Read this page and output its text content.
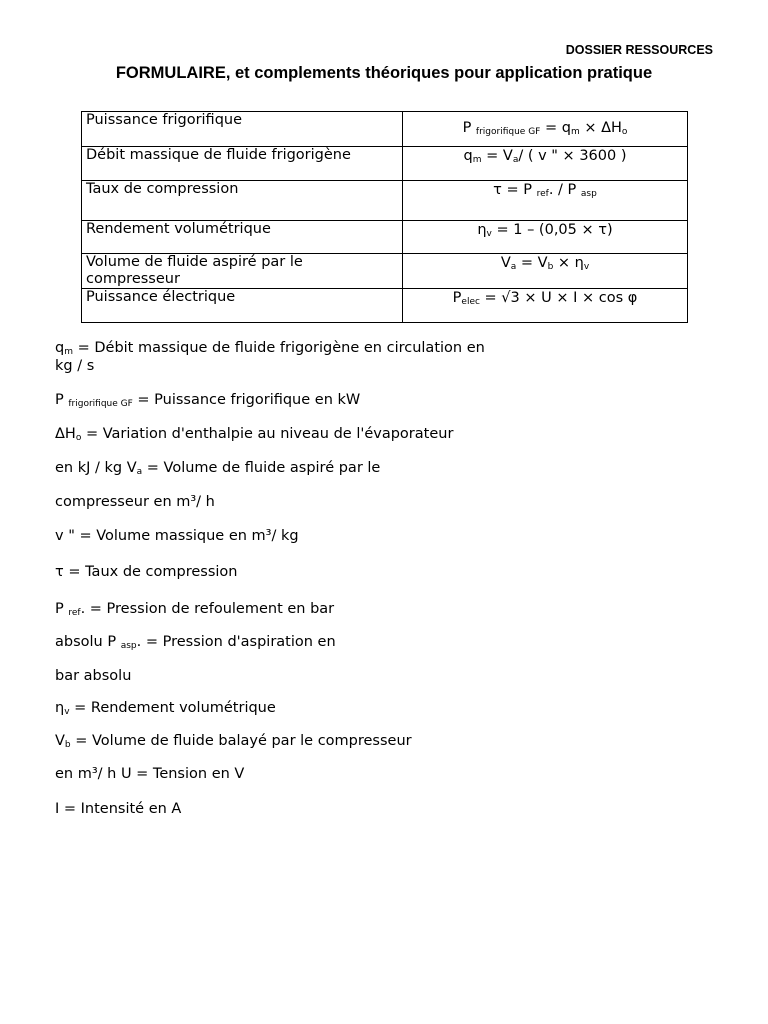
DOSSIER RESSOURCES
FORMULAIRE, et complements théoriques pour application pratique
Puissance frigorifique	P $_{frigorifique GF} = q_m \times \Delta H_o$
Débit massique de fluide frigorigène	$q_m = V_a/$ ( v " × 3600 )
Taux de compression	τ = P $_{ref}$. / P $_{asp}$
Rendement volumétrique	$\eta_v = 1 - (0,05 \times \tau)$
Volume de fluide aspiré par le compresseur	$V_a = V_b \times \eta_v$
Puissance électrique	$P_{elec} = √3 \times U \times I \times \cos \varphi$
$q_m$ = Débit massique de fluide frigorigène en circulation en
kg / s
P $_{frigorifique GF}$ = Puissance frigorifique en kW
$\Delta H_o$ = Variation d'enthalpie au niveau de l'évaporateur
en kJ / kg $V_a$ = Volume de fluide aspiré par le
compresseur en m³/ h
v " = Volume massique en m³/ kg
τ = Taux de compression
P $_{ref}$. = Pression de refoulement en bar
absolu P $_{asp}$. = Pression d'aspiration en
bar absolu
$\eta_v$ = Rendement volumétrique
$V_b$ = Volume de fluide balayé par le compresseur
en m³/ h U = Tension en V
I = Intensité en A
